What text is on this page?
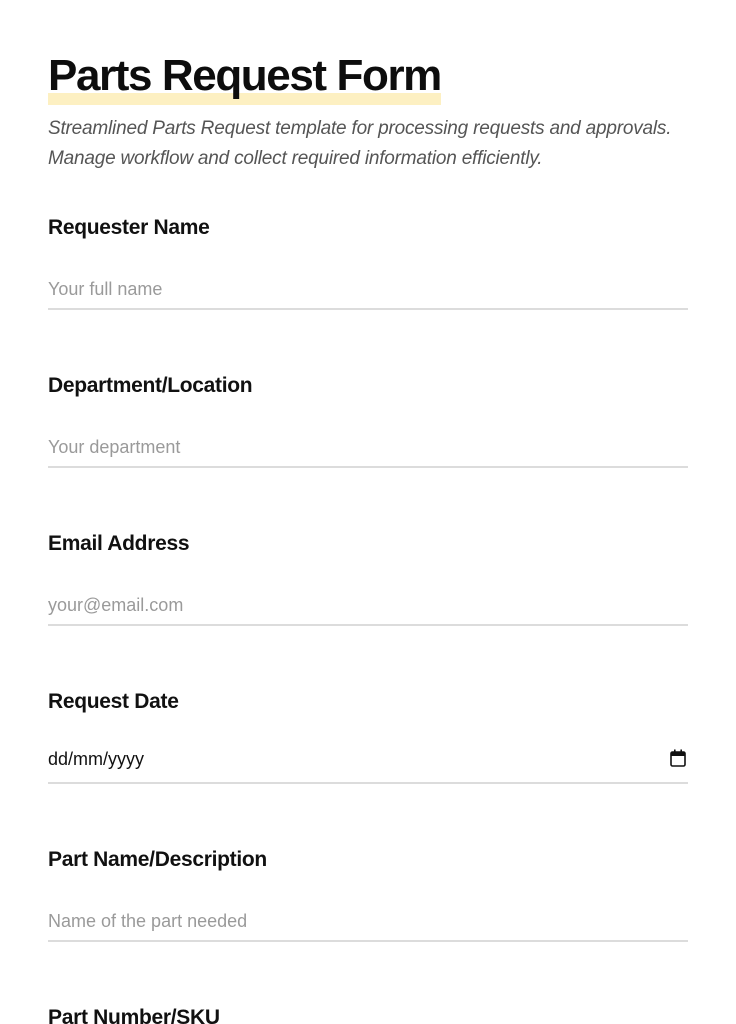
Parts Request Form

Streamlined Parts Request template for processing requests and approvals. Manage workflow and collect required information efficiently.

Requester Name
Your full name
Department/Location
Your department
Email Address
your@email.com
Request Date
dd/mm/yyyy
Part Name/Description
Name of the part needed
Part Number/SKU
